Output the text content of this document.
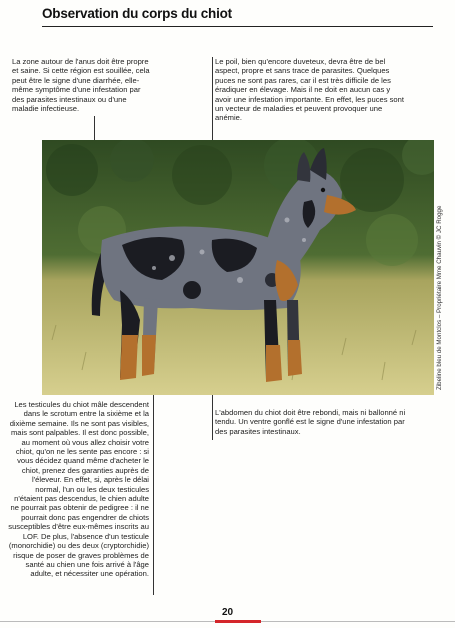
Observation du corps du chiot
La zone autour de l'anus doit être propre et saine. Si cette région est souillée, cela peut être le signe d'une diarrhée, elle-même symptôme d'une infestation par des parasites intestinaux ou d'une maladie infectieuse.
Le poil, bien qu'encore duveteux, devra être de bel aspect, propre et sans trace de parasites. Quelques puces ne sont pas rares, car il est très difficile de les éradiquer en élevage. Mais il ne doit en aucun cas y avoir une infestation importante. En effet, les puces sont un vecteur de maladies et peuvent provoquer une anémie.
Zibeline bleu de Montclos – Propriétaire Mme Chauvin © JC Rogge
Les testicules du chiot mâle descendent dans le scrotum entre la sixième et la dixième semaine. Ils ne sont pas visibles, mais sont palpables. Il est donc possible, au moment où vous allez choisir votre chiot, qu'on ne les sente pas encore : si vous décidez quand même d'acheter le chiot, prenez des garanties auprès de l'éleveur. En effet, si, après le délai normal, l'un ou les deux testicules n'étaient pas descendus, le chien adulte ne pourrait pas obtenir de pedigree : il ne pourrait donc pas engendrer de chiots susceptibles d'être eux-mêmes inscrits au LOF. De plus, l'absence d'un testicule (monorchidie) ou des deux (cryptorchidie) risque de poser de graves problèmes de santé au chien une fois arrivé à l'âge adulte, et nécessiter une opération.
L'abdomen du chiot doit être rebondi, mais ni ballonné ni tendu. Un ventre gonflé est le signe d'une infestation par des parasites intestinaux.
20
